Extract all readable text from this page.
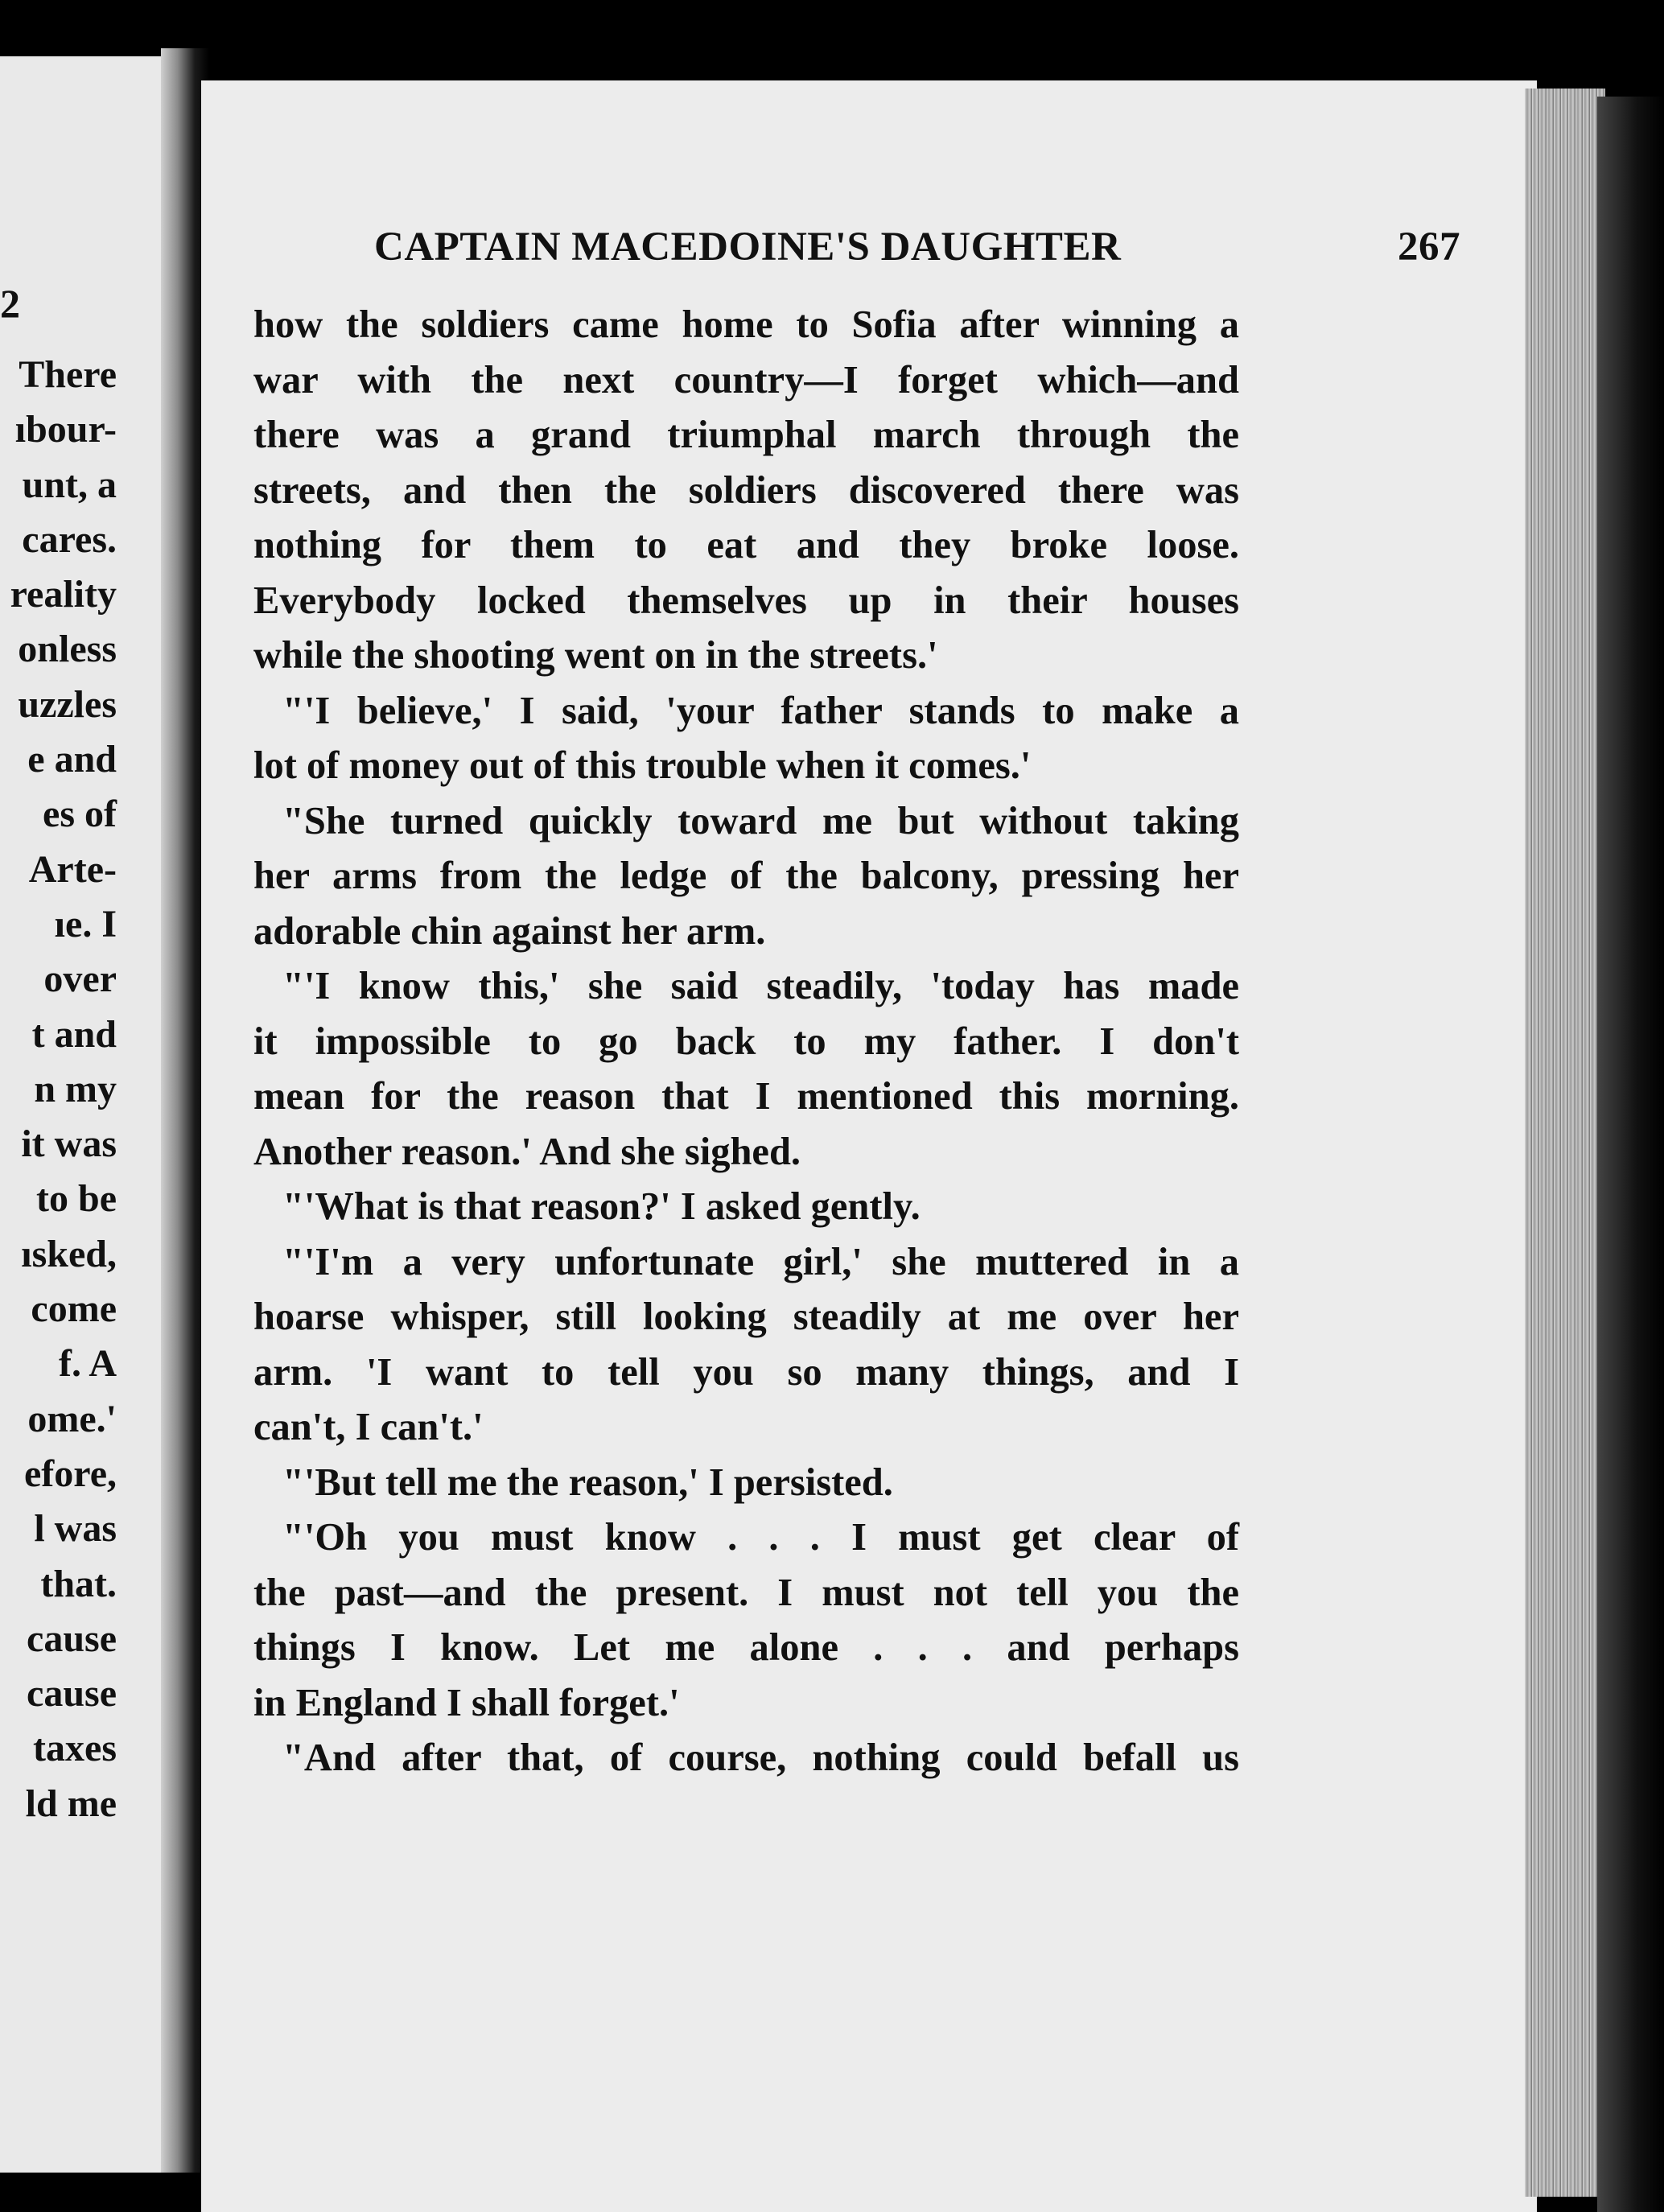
2
There
ıbour-
unt, a
cares.
reality
onless
uzzles
e and
es of
Arte-
ıe. I
over
t and
n my
it was
to be
ısked,
come
f. A
ome.'
efore,
l was
that.
cause
cause
taxes
ld me
CAPTAIN MACEDOINE'S DAUGHTER	267
how the soldiers came home to Sofia after winning a
war with the next country—I forget which—and
there was a grand triumphal march through the
streets, and then the soldiers discovered there was
nothing for them to eat and they broke loose.
Everybody locked themselves up in their houses
while the shooting went on in the streets.'
"'I believe,' I said, 'your father stands to make a
lot of money out of this trouble when it comes.'
"She turned quickly toward me but without taking
her arms from the ledge of the balcony, pressing her
adorable chin against her arm.
"'I know this,' she said steadily, 'today has made
it impossible to go back to my father. I don't
mean for the reason that I mentioned this morning.
Another reason.' And she sighed.
"'What is that reason?' I asked gently.
"'I'm a very unfortunate girl,' she muttered in a
hoarse whisper, still looking steadily at me over her
arm. 'I want to tell you so many things, and I
can't, I can't.'
"'But tell me the reason,' I persisted.
"'Oh you must know . . . I must get clear of
the past—and the present. I must not tell you the
things I know. Let me alone . . . and perhaps
in England I shall forget.'
"And after that, of course, nothing could befall us
